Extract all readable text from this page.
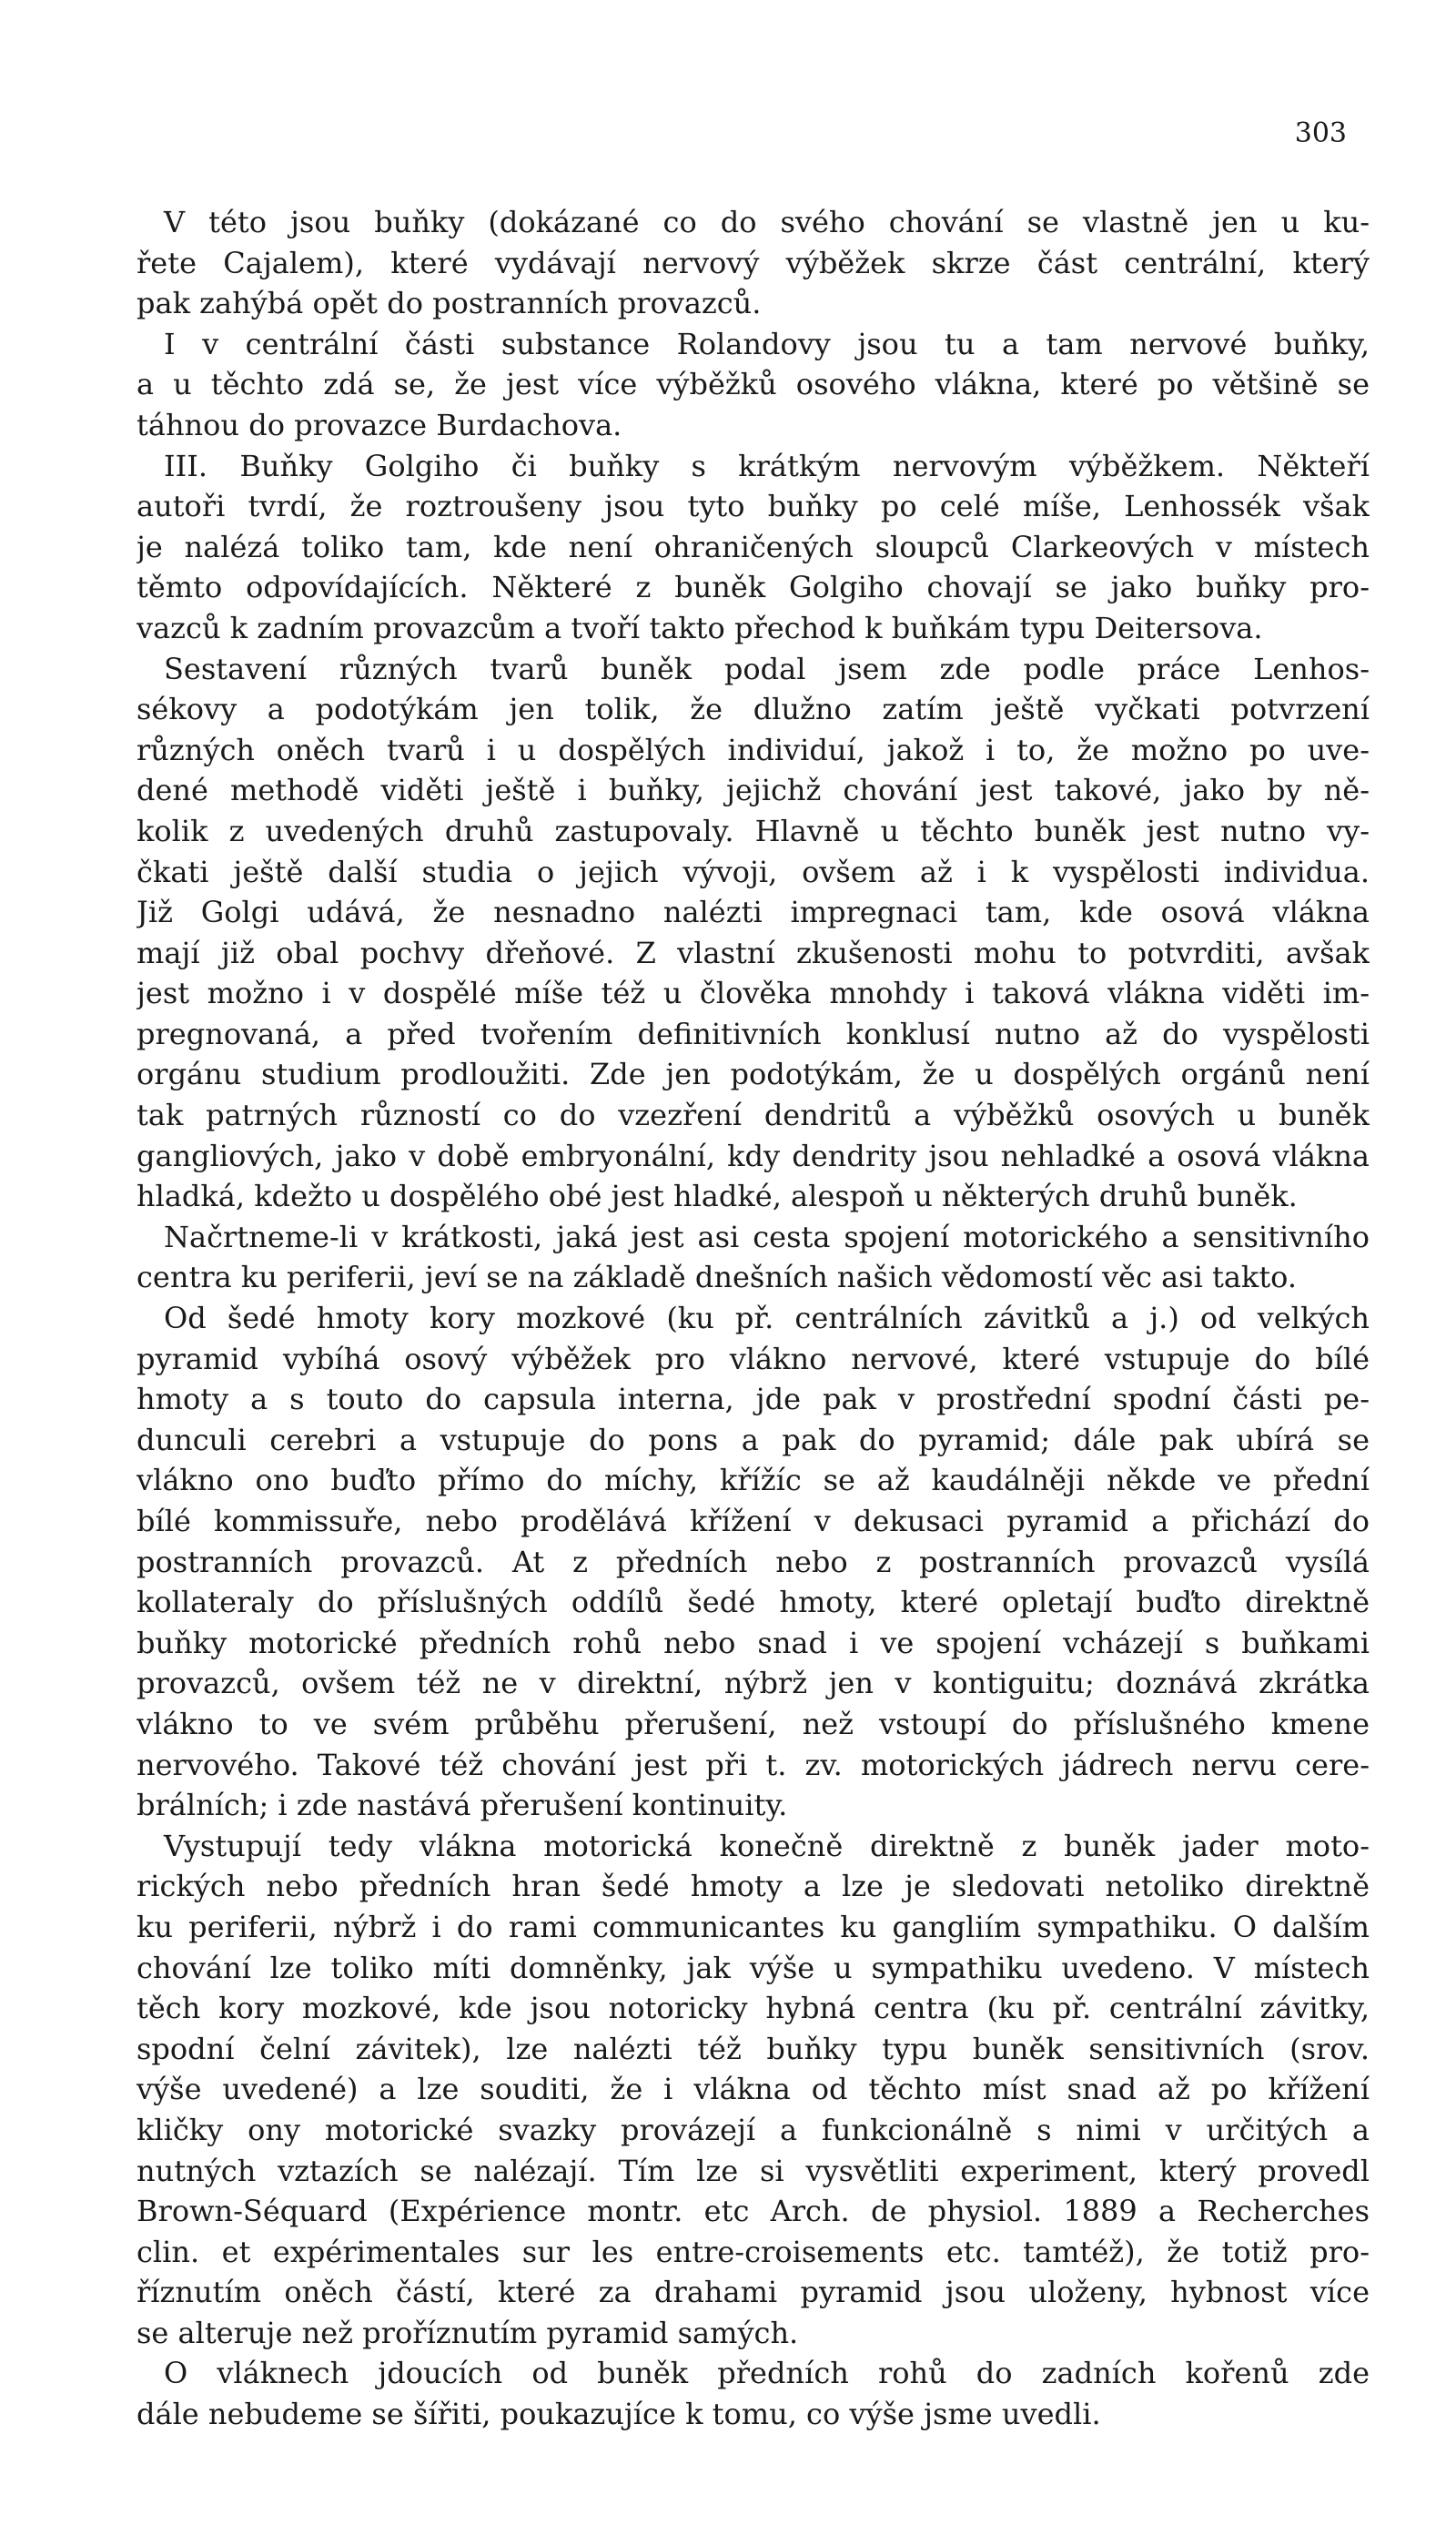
303
V této jsou buňky (dokázané co do svého chování se vlastně jen u ku-
řete Cajalem), které vydávají nervový výběžek skrze část centrální, který
pak zahýbá opět do postranních provazců.
I v centrální části substance Rolandovy jsou tu a tam nervové buňky,
a u těchto zdá se, že jest více výběžků osového vlákna, které po většině se
táhnou do provazce Burdachova.
III. Buňky Golgiho či buňky s krátkým nervovým výběžkem. Někteří
autoři tvrdí, že roztroušeny jsou tyto buňky po celé míše, Lenhossék však
je nalézá toliko tam, kde není ohraničených sloupců Clarkeových v místech
těmto odpovídajících. Některé z buněk Golgiho chovají se jako buňky pro-
vazců k zadním provazcům a tvoří takto přechod k buňkám typu Deitersova.
Sestavení různých tvarů buněk podal jsem zde podle práce Lenhos-
sékovy a podotýkám jen tolik, že dlužno zatím ještě vyčkati potvrzení
různých oněch tvarů i u dospělých individuí, jakož i to, že možno po uve-
dené methodě viděti ještě i buňky, jejichž chování jest takové, jako by ně-
kolik z uvedených druhů zastupovaly. Hlavně u těchto buněk jest nutno vy-
čkati ještě další studia o jejich vývoji, ovšem až i k vyspělosti individua.
Již Golgi udává, že nesnadno nalézti impregnaci tam, kde osová vlákna
mají již obal pochvy dřeňové. Z vlastní zkušenosti mohu to potvrditi, avšak
jest možno i v dospělé míše též u člověka mnohdy i taková vlákna viděti im-
pregnovaná, a před tvořením definitivních konklusí nutno až do vyspělosti
orgánu studium prodloužiti. Zde jen podotýkám, že u dospělých orgánů není
tak patrných růzností co do vzezření dendritů a výběžků osových u buněk
gangliových, jako v době embryonální, kdy dendrity jsou nehladké a osová vlákna
hladká, kdežto u dospělého obé jest hladké, alespoň u některých druhů buněk.
Načrtneme-li v krátkosti, jaká jest asi cesta spojení motorického a sensitivního
centra ku periferii, jeví se na základě dnešních našich vědomostí věc asi takto.
Od šedé hmoty kory mozkové (ku př. centrálních závitků a j.) od velkých
pyramid vybíhá osový výběžek pro vlákno nervové, které vstupuje do bílé
hmoty a s touto do capsula interna, jde pak v prostřední spodní části pe-
dunculi cerebri a vstupuje do pons a pak do pyramid; dále pak ubírá se
vlákno ono buďto přímo do míchy, křížíc se až kaudálněji někde ve přední
bílé kommissuře, nebo prodělává křížení v dekusaci pyramid a přichází do
postranních provazců. At z předních nebo z postranních provazců vysílá
kollateraly do příslušných oddílů šedé hmoty, které opletají buďto direktně
buňky motorické předních rohů nebo snad i ve spojení vcházejí s buňkami
provazců, ovšem též ne v direktní, nýbrž jen v kontiguitu; doznává zkrátka
vlákno to ve svém průběhu přerušení, než vstoupí do příslušného kmene
nervového. Takové též chování jest při t. zv. motorických jádrech nervu cere-
brálních; i zde nastává přerušení kontinuity.
Vystupují tedy vlákna motorická konečně direktně z buněk jader moto-
rických nebo předních hran šedé hmoty a lze je sledovati netoliko direktně
ku periferii, nýbrž i do rami communicantes ku gangliím sympathiku. O dalším
chování lze toliko míti domněnky, jak výše u sympathiku uvedeno. V místech
těch kory mozkové, kde jsou notoricky hybná centra (ku př. centrální závitky,
spodní čelní závitek), lze nalézti též buňky typu buněk sensitivních (srov.
výše uvedené) a lze souditi, že i vlákna od těchto míst snad až po křížení
kličky ony motorické svazky provázejí a funkcionálně s nimi v určitých a
nutných vztazích se nalézají. Tím lze si vysvětliti experiment, který provedl
Brown-Séquard (Expérience montr. etc Arch. de physiol. 1889 a Recherches
clin. et expérimentales sur les entre-croisements etc. tamtéž), že totiž pro-
říznutím oněch částí, které za drahami pyramid jsou uloženy, hybnost více
se alteruje než proříznutím pyramid samých.
O vláknech jdoucích od buněk předních rohů do zadních kořenů zde
dále nebudeme se šířiti, poukazujíce k tomu, co výše jsme uvedli.
